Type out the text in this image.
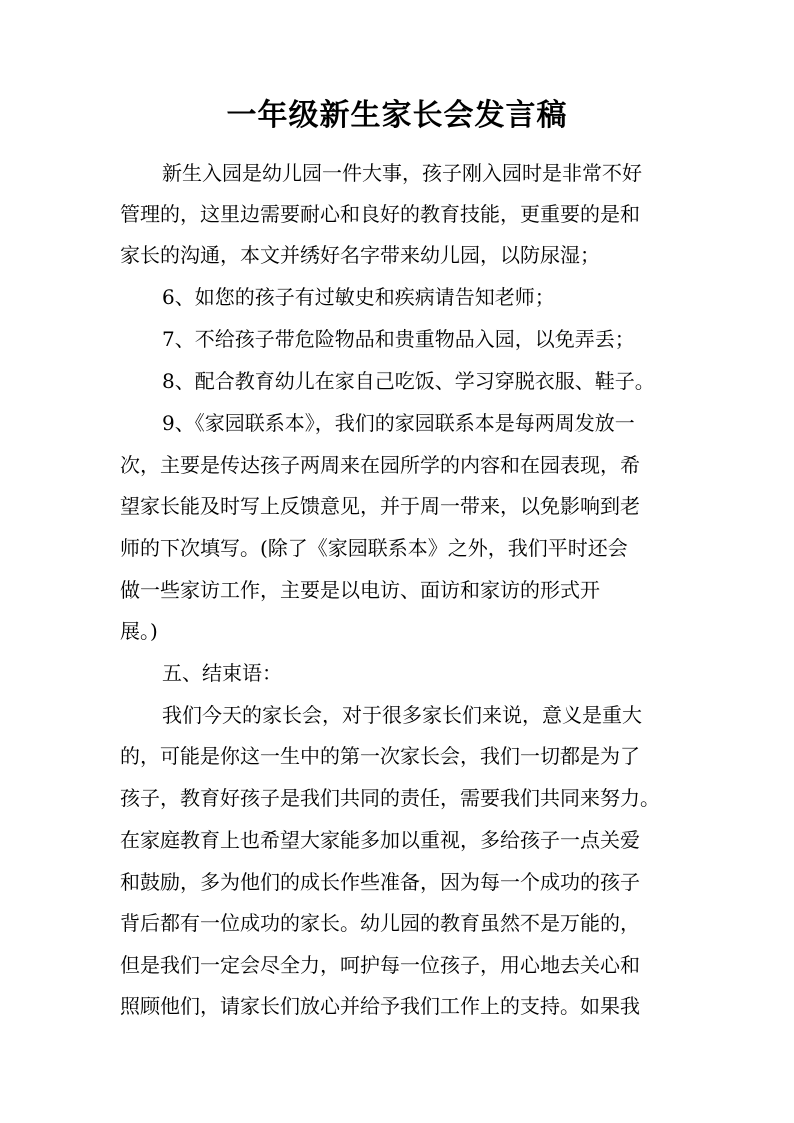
一年级新生家长会发言稿
新生入园是幼儿园一件大事，孩子刚入园时是非常不好
管理的，这里边需要耐心和良好的教育技能，更重要的是和
家长的沟通，本文并绣好名字带来幼儿园，以防尿湿；
6、如您的孩子有过敏史和疾病请告知老师；
7、不给孩子带危险物品和贵重物品入园，以免弄丢；
8、配合教育幼儿在家自己吃饭、学习穿脱衣服、鞋子。
9、《家园联系本》，我们的家园联系本是每两周发放一
次，主要是传达孩子两周来在园所学的内容和在园表现，希
望家长能及时写上反馈意见，并于周一带来，以免影响到老
师的下次填写。(除了《家园联系本》之外，我们平时还会
做一些家访工作，主要是以电访、面访和家访的形式开
展。)
五、结束语：
我们今天的家长会，对于很多家长们来说，意义是重大
的，可能是你这一生中的第一次家长会，我们一切都是为了
孩子，教育好孩子是我们共同的责任，需要我们共同来努力。
在家庭教育上也希望大家能多加以重视，多给孩子一点关爱
和鼓励，多为他们的成长作些准备，因为每一个成功的孩子
背后都有一位成功的家长。幼儿园的教育虽然不是万能的，
但是我们一定会尽全力，呵护每一位孩子，用心地去关心和
照顾他们，请家长们放心并给予我们工作上的支持。如果我
